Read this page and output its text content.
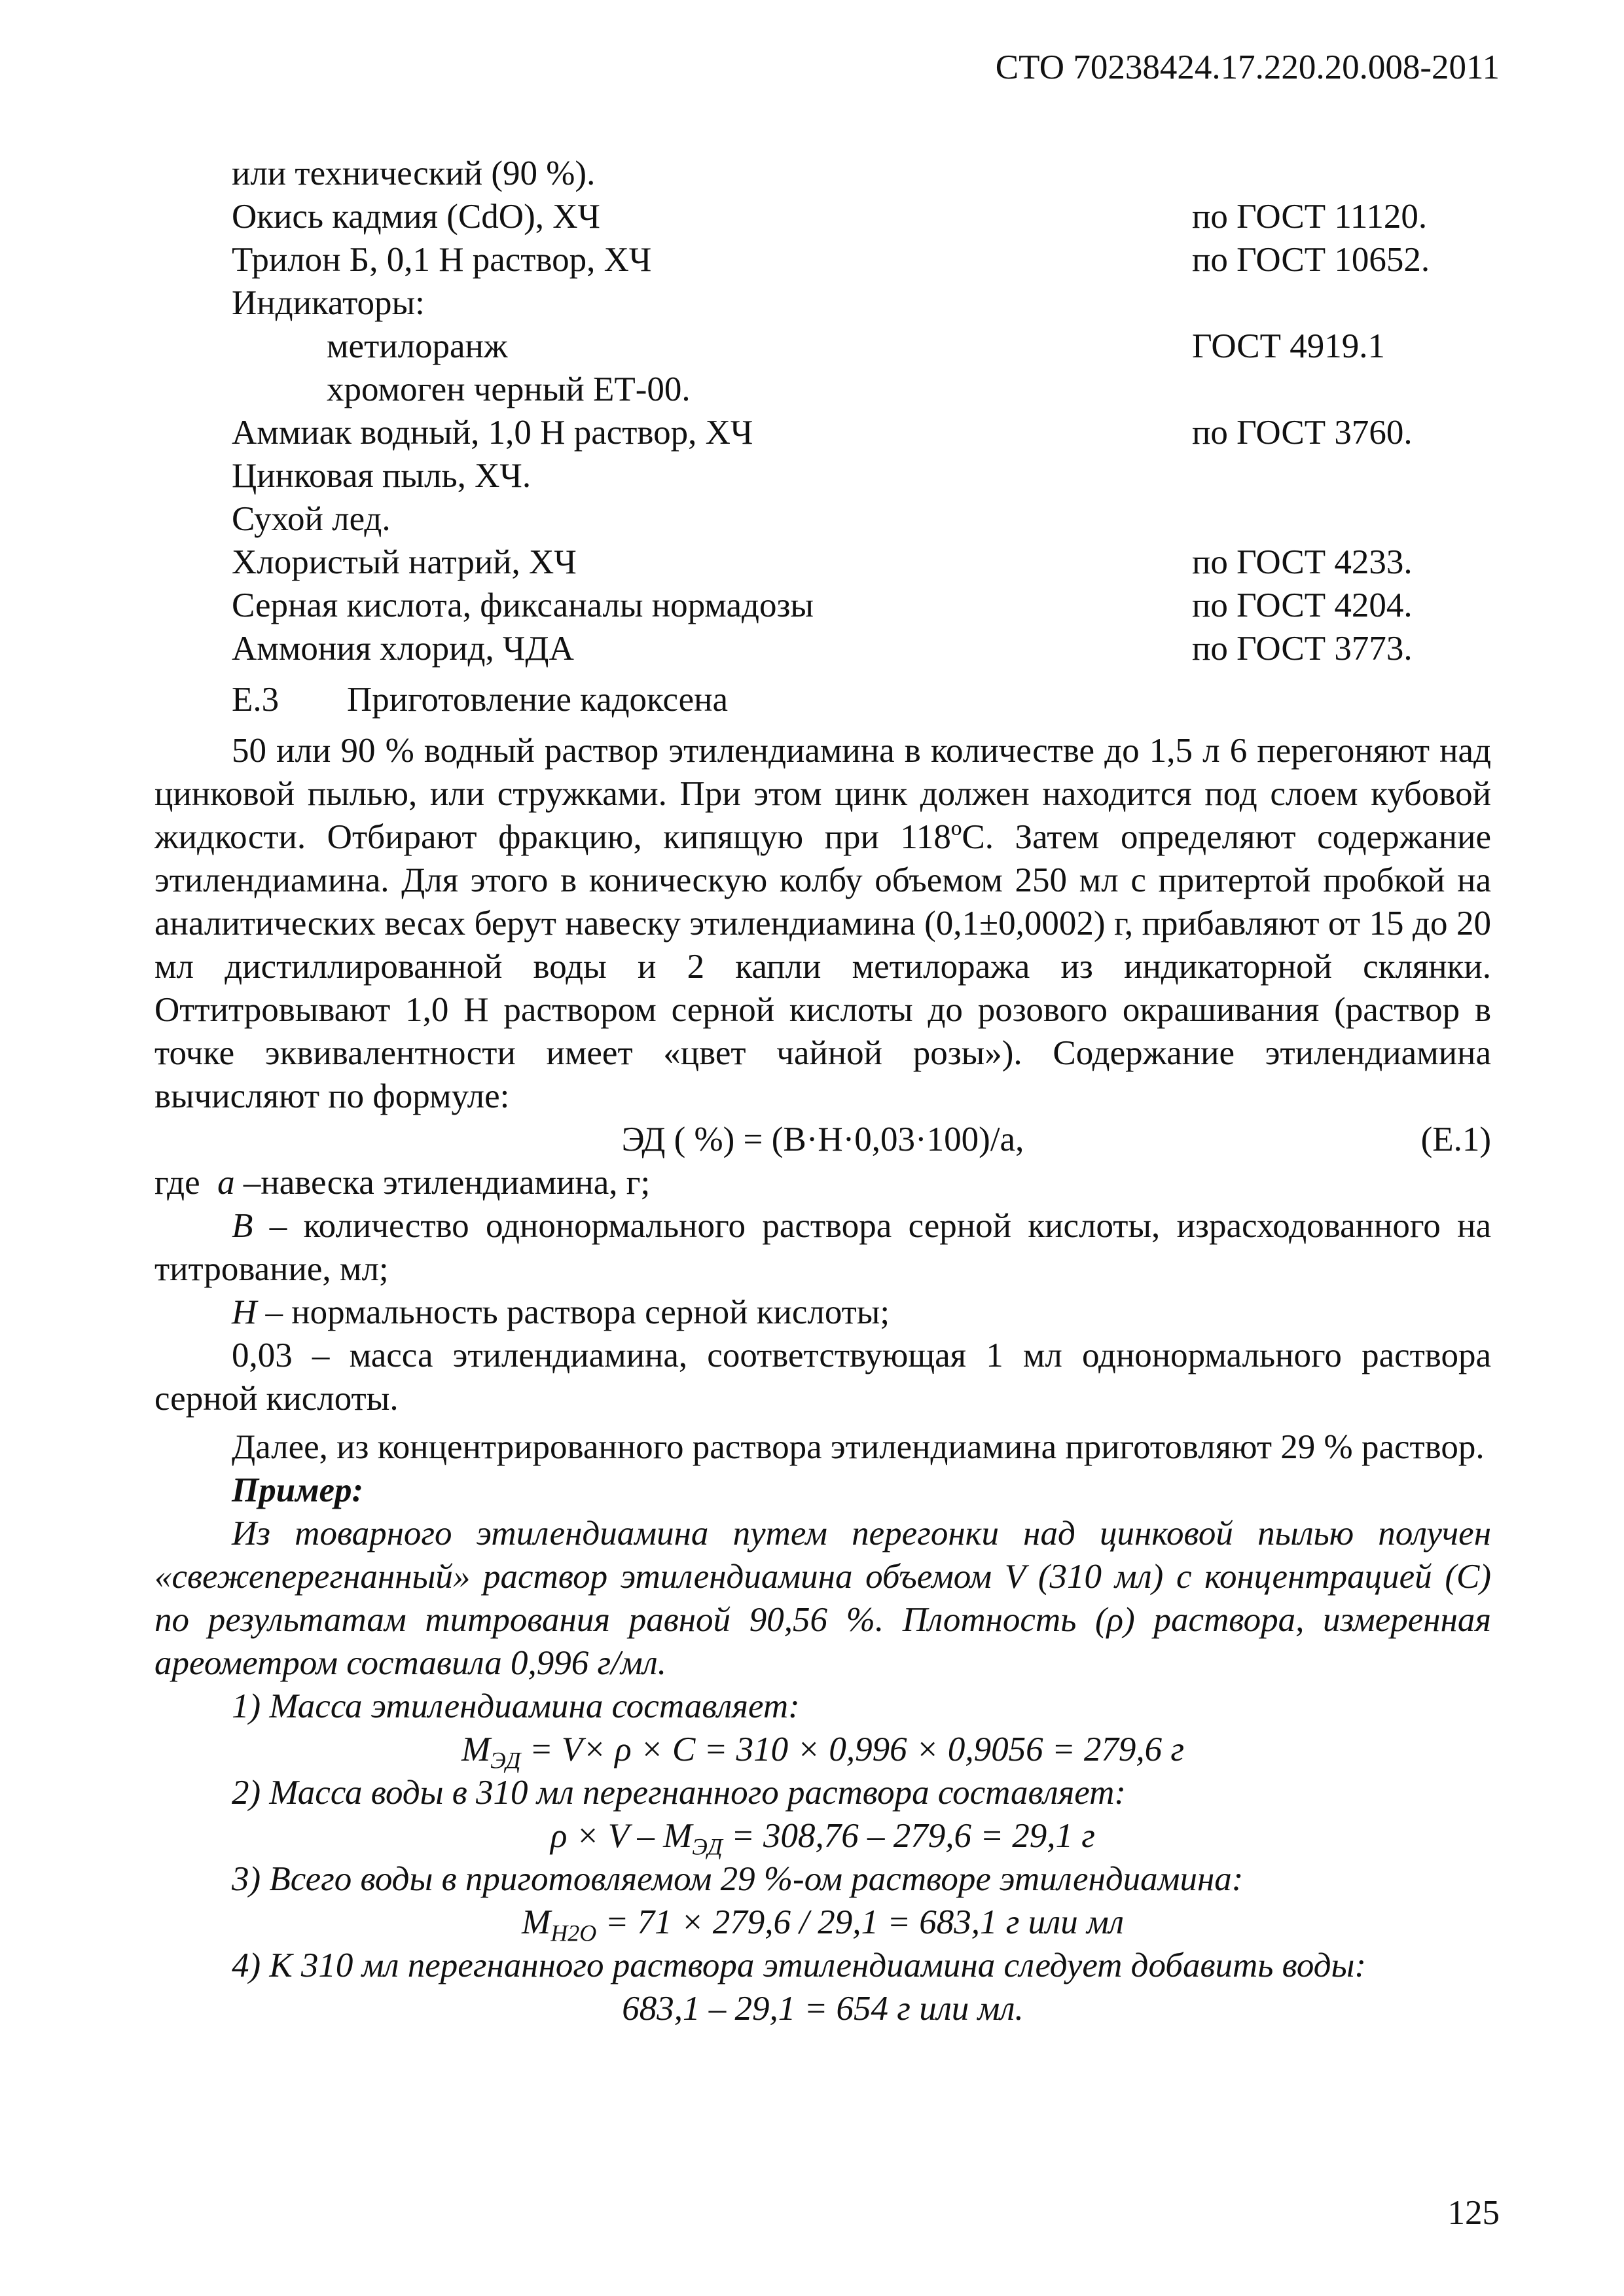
СТО 70238424.17.220.20.008-2011
или технический (90 %).
Окись кадмия (CdO), ХЧ	по ГОСТ 11120.
Трилон Б, 0,1 Н раствор, ХЧ	по ГОСТ 10652.
Индикаторы:
метилоранж	ГОСТ 4919.1
хромоген черный ЕТ-00.
Аммиак водный, 1,0 Н раствор, ХЧ	по ГОСТ 3760.
Цинковая пыль, ХЧ.
Сухой лед.
Хлористый натрий, ХЧ	по ГОСТ 4233.
Серная кислота, фиксаналы нормадозы	по ГОСТ 4204.
Аммония хлорид, ЧДА	по ГОСТ 3773.
Е.3 Приготовление кадоксена

50 или 90 % водный раствор этилендиамина в количестве до 1,5 л 6 перегоняют над цинковой пылью, или стружками. При этом цинк должен находится под слоем кубовой жидкости. Отбирают фракцию, кипящую при 118ºС. Затем определяют содержание этилендиамина. Для этого в коническую колбу объемом 250 мл с притертой пробкой на аналитических весах берут навеску этилендиамина (0,1±0,0002) г, прибавляют от 15 до 20 мл дистиллированной воды и 2 капли метилоража из индикаторной склянки. Оттитровывают 1,0 Н раствором серной кислоты до розового окрашивания (раствор в точке эквивалентности имеет «цвет чайной розы»). Содержание этилендиамина вычисляют по формуле:

ЭД ( %) = (В·Н·0,03·100)/а,	(Е.1)

где а –навеска этилендиамина, г;

В – количество однонормального раствора серной кислоты, израсходованного на титрование, мл;

Н – нормальность раствора серной кислоты;

0,03 – масса этилендиамина, соответствующая 1 мл однонормального раствора серной кислоты.

Далее, из концентрированного раствора этилендиамина приготовляют 29 % раствор.

Пример:

Из товарного этилендиамина путем перегонки над цинковой пылью получен «свежеперегнанный» раствор этилендиамина объемом V (310 мл) с концентрацией (С) по результатам титрования равной 90,56 %. Плотность (ρ) раствора, измеренная ареометром составила 0,996 г/мл.

1) Масса этилендиамина составляет:

$М_{ЭД} = V\times \rho \times С = 310 \times 0,996 \times 0,9056 = 279,6$ г

2) Масса воды в 310 мл перегнанного раствора составляет:

$\rho \times V - М_{ЭД} = 308,76 - 279,6 = 29,1$ г

3) Всего воды в приготовляемом 29 %-ом растворе этилендиамина:

$М_{Н2О} = 71 \times 279,6 / 29,1 = 683,1$ г или мл

4) К 310 мл перегнанного раствора этилендиамина следует добавить воды:

683,1 – 29,1 = 654 г или мл.

125
